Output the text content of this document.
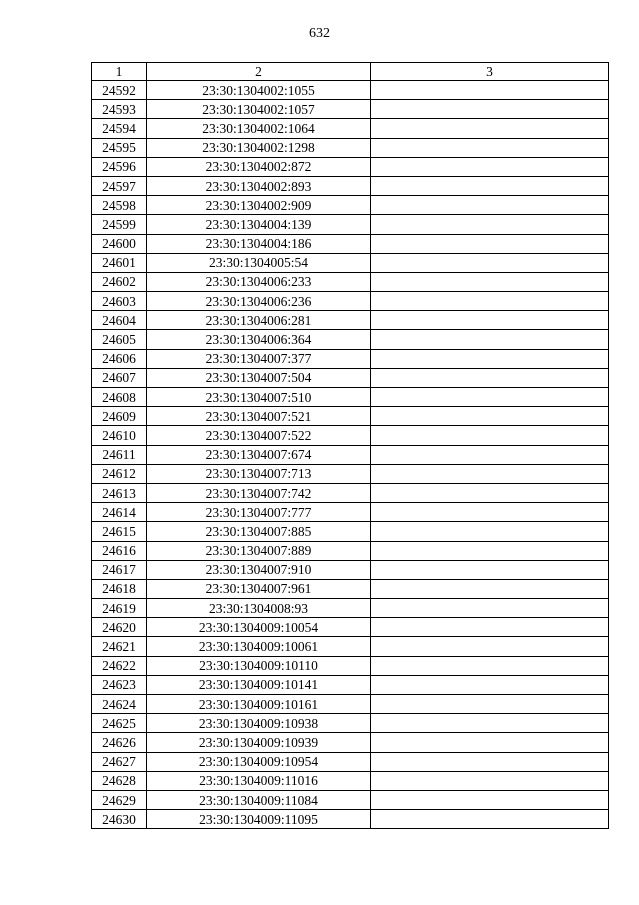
632
1	2	3
24592	23:30:1304002:1055	
24593	23:30:1304002:1057	
24594	23:30:1304002:1064	
24595	23:30:1304002:1298	
24596	23:30:1304002:872	
24597	23:30:1304002:893	
24598	23:30:1304002:909	
24599	23:30:1304004:139	
24600	23:30:1304004:186	
24601	23:30:1304005:54	
24602	23:30:1304006:233	
24603	23:30:1304006:236	
24604	23:30:1304006:281	
24605	23:30:1304006:364	
24606	23:30:1304007:377	
24607	23:30:1304007:504	
24608	23:30:1304007:510	
24609	23:30:1304007:521	
24610	23:30:1304007:522	
24611	23:30:1304007:674	
24612	23:30:1304007:713	
24613	23:30:1304007:742	
24614	23:30:1304007:777	
24615	23:30:1304007:885	
24616	23:30:1304007:889	
24617	23:30:1304007:910	
24618	23:30:1304007:961	
24619	23:30:1304008:93	
24620	23:30:1304009:10054	
24621	23:30:1304009:10061	
24622	23:30:1304009:10110	
24623	23:30:1304009:10141	
24624	23:30:1304009:10161	
24625	23:30:1304009:10938	
24626	23:30:1304009:10939	
24627	23:30:1304009:10954	
24628	23:30:1304009:11016	
24629	23:30:1304009:11084	
24630	23:30:1304009:11095	
